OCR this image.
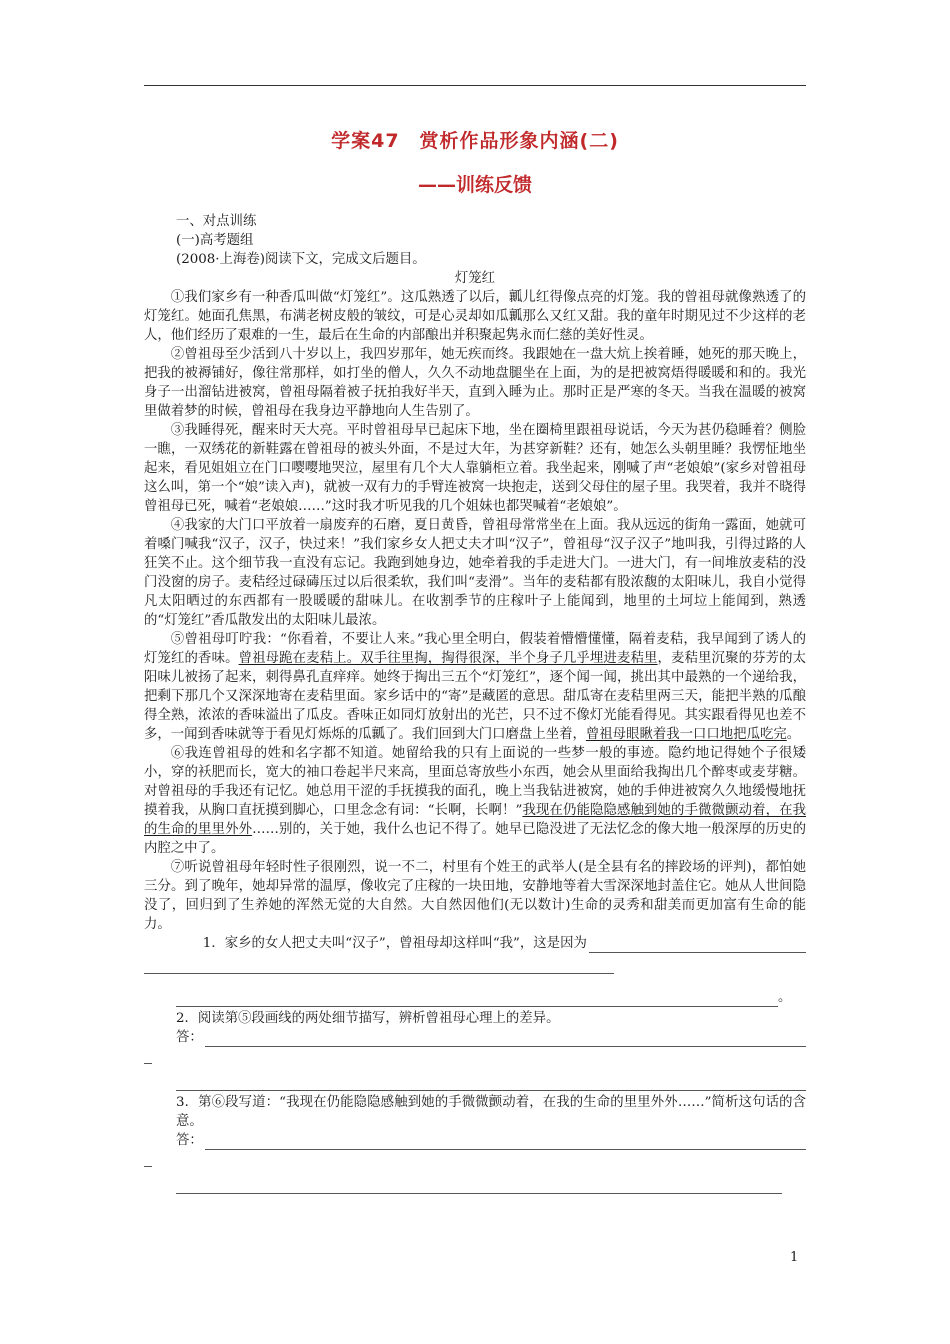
学案47　赏析作品形象内涵(二)
——训练反馈

一、对点训练

(一)高考题组

(2008·上海卷)阅读下文，完成文后题目。

灯笼红

①我们家乡有一种香瓜叫做“灯笼红”。这瓜熟透了以后，瓤儿红得像点亮的灯笼。我的曾祖母就像熟透了的灯笼红。她面孔焦黑，布满老树皮般的皱纹，可是心灵却如瓜瓤那么又红又甜。我的童年时期见过不少这样的老人，他们经历了艰难的一生，最后在生命的内部酿出并积聚起隽永而仁慈的美好性灵。

②曾祖母至少活到八十岁以上，我四岁那年，她无疾而终。我跟她在一盘大炕上挨着睡，她死的那天晚上，把我的被褥铺好，像往常那样，如打坐的僧人，久久不动地盘腿坐在上面，为的是把被窝焐得暖暖和和的。我光身子一出溜钻进被窝，曾祖母隔着被子抚拍我好半天，直到入睡为止。那时正是严寒的冬天。当我在温暖的被窝里做着梦的时候，曾祖母在我身边平静地向人生告别了。

③我睡得死，醒来时天大亮。平时曾祖母早已起床下地，坐在圈椅里跟祖母说话，今天为甚仍稳睡着？侧脸一瞧，一双绣花的新鞋露在曾祖母的被头外面，不是过大年，为甚穿新鞋？还有，她怎么头朝里睡？我愣怔地坐起来，看见姐姐立在门口嘤嘤地哭泣，屋里有几个大人靠躺柜立着。我坐起来，刚喊了声“老娘娘”(家乡对曾祖母这么叫，第一个“娘”读入声)，就被一双有力的手臂连被窝一块抱走，送到父母住的屋子里。我哭着，我并不晓得曾祖母已死，喊着“老娘娘……”这时我才听见我的几个姐妹也都哭喊着“老娘娘”。

④我家的大门口平放着一扇废弃的石磨，夏日黄昏，曾祖母常常坐在上面。我从远远的街角一露面，她就可着嗓门喊我“汉子，汉子，快过来！”我们家乡女人把丈夫才叫“汉子”，曾祖母“汉子汉子”地叫我，引得过路的人狂笑不止。这个细节我一直没有忘记。我跑到她身边，她牵着我的手走进大门。一进大门，有一间堆放麦秸的没门没窗的房子。麦秸经过碌碡压过以后很柔软，我们叫“麦滑”。当年的麦秸都有股浓馥的太阳味儿，我自小觉得凡太阳晒过的东西都有一股暖暖的甜味儿。在收割季节的庄稼叶子上能闻到，地里的土坷垃上能闻到，熟透的“灯笼红”香瓜散发出的太阳味儿最浓。

⑤曾祖母叮咛我：“你看着，不要让人来。”我心里全明白，假装着懵懵懂懂，隔着麦秸，我早闻到了诱人的灯笼红的香味。曾祖母跪在麦秸上。双手往里掏，掏得很深，半个身子几乎埋进麦秸里，麦秸里沉聚的芬芳的太阳味儿被扬了起来，刺得鼻孔直痒痒。她终于掏出三五个“灯笼红”，逐个闻一闻，挑出其中最熟的一个递给我，把剩下那几个又深深地寄在麦秸里面。家乡话中的“寄”是藏匿的意思。甜瓜寄在麦秸里两三天，能把半熟的瓜酿得全熟，浓浓的香味溢出了瓜皮。香味正如同灯放射出的光芒，只不过不像灯光能看得见。其实跟看得见也差不多，一闻到香味就等于看见灯烁烁的瓜瓤了。我们回到大门口磨盘上坐着，曾祖母眼瞅着我一口口地把瓜吃完。

⑥我连曾祖母的姓和名字都不知道。她留给我的只有上面说的一些梦一般的事迹。隐约地记得她个子很矮小，穿的袄肥而长，宽大的袖口卷起半尺来高，里面总寄放些小东西，她会从里面给我掏出几个醉枣或麦芽糖。对曾祖母的手我还有记忆。她总用干涩的手抚摸我的面孔，晚上当我钻进被窝，她的手伸进被窝久久地缓慢地抚摸着我，从胸口直抚摸到脚心，口里念念有词：“长啊，长啊！”我现在仍能隐隐感触到她的手微微颤动着，在我的生命的里里外外……别的，关于她，我什么也记不得了。她早已隐没进了无法忆念的像大地一般深厚的历史的内腔之中了。

⑦听说曾祖母年轻时性子很刚烈，说一不二，村里有个姓王的武举人(是全县有名的摔跤场的评判)，都怕她三分。到了晚年，她却异常的温厚，像收完了庄稼的一块田地，安静地等着大雪深深地封盖住它。她从人世间隐没了，回归到了生养她的浑然无觉的大自然。大自然因他们(无以数计)生命的灵秀和甜美而更加富有生命的能力。

1．家乡的女人把丈夫叫“汉子”，曾祖母却这样叫“我”，这是因为
。

2．阅读第⑤段画线的两处细节描写，辨析曾祖母心理上的差异。

答：

3．第⑥段写道：“我现在仍能隐隐感触到她的手微微颤动着，在我的生命的里里外外……”简析这句话的含意。

答：
1
